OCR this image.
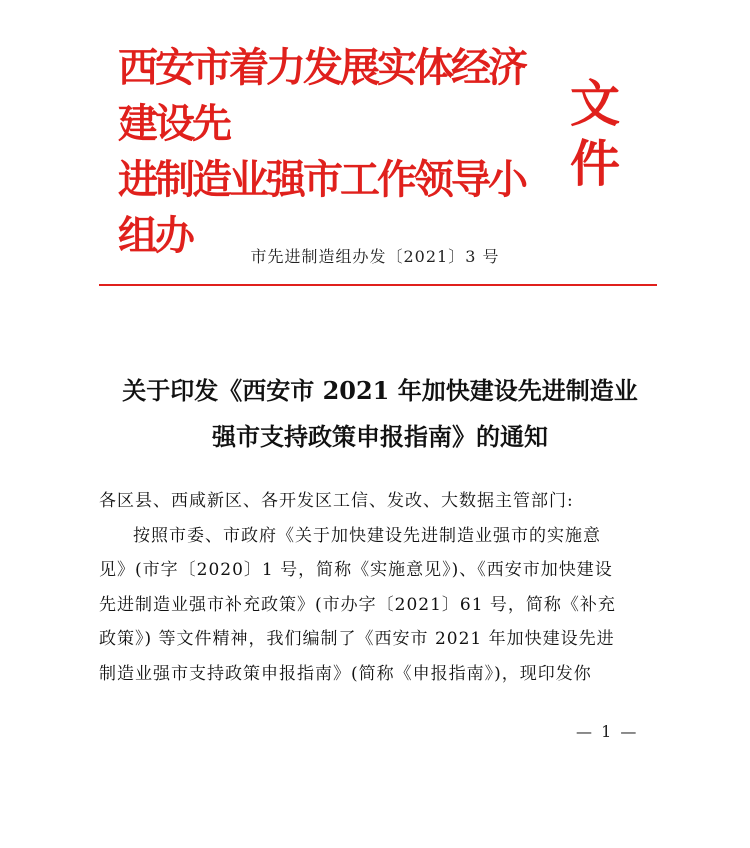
西安市着力发展实体经济建设先
进制造业强市工作领导小组办
文件
市先进制造组办发〔2021〕3 号
关于印发《西安市 2021 年加快建设先进制造业
强市支持政策申报指南》的通知
各区县、西咸新区、各开发区工信、发改、大数据主管部门:
按照市委、市政府《关于加快建设先进制造业强市的实施意
见》(市字〔2020〕1 号，简称《实施意见》)、《西安市加快建设
先进制造业强市补充政策》(市办字〔2021〕61 号，简称《补充
政策》) 等文件精神，我们编制了《西安市 2021 年加快建设先进
制造业强市支持政策申报指南》(简称《申报指南》)，现印发你
— 1 —
